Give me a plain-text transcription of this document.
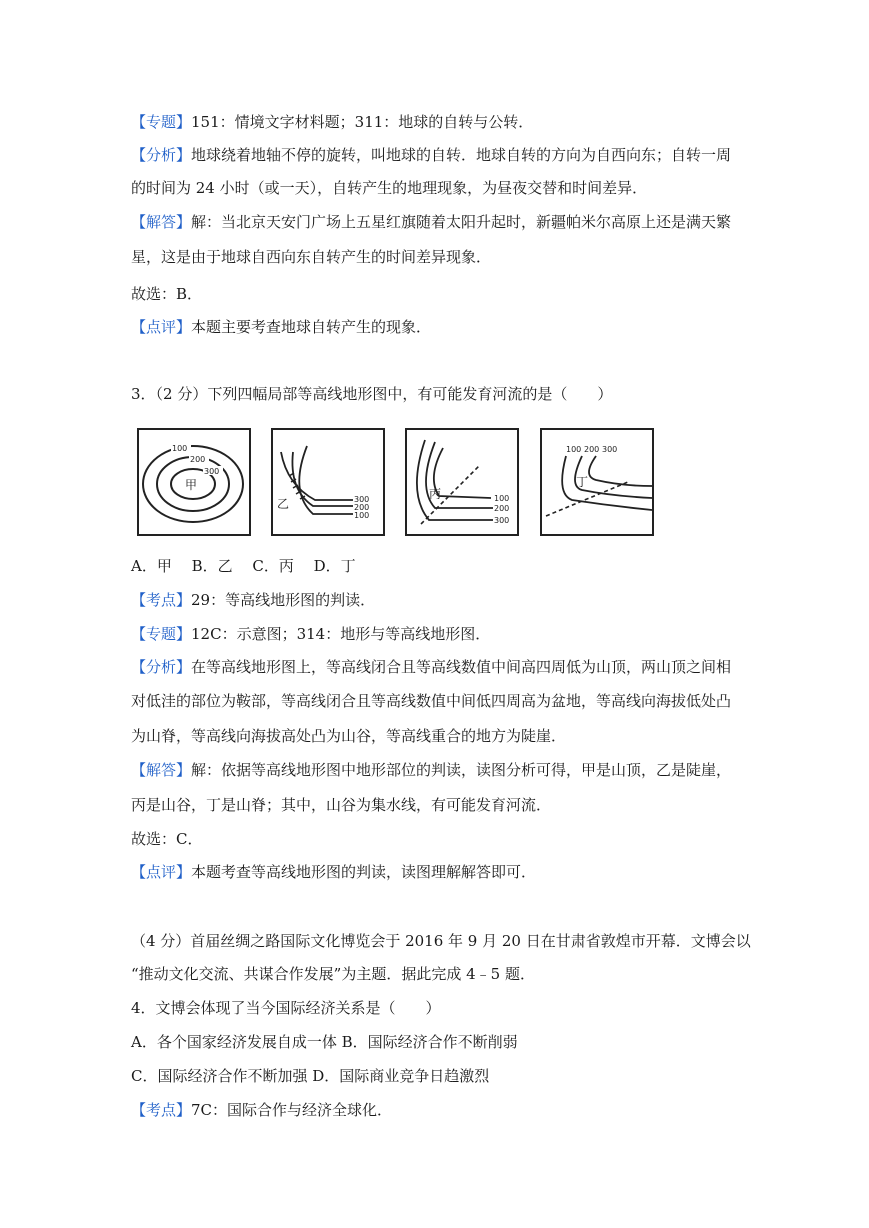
【专题】151：情境文字材料题；311：地球的自转与公转．
【分析】地球绕着地轴不停的旋转，叫地球的自转．地球自转的方向为自西向东；自转一周
的时间为 24 小时（或一天），自转产生的地理现象，为昼夜交替和时间差异．
【解答】解：当北京天安门广场上五星红旗随着太阳升起时，新疆帕米尔高原上还是满天繁
星，这是由于地球自西向东自转产生的时间差异现象．
故选：B．
【点评】本题主要考查地球自转产生的现象．
3．（2 分）下列四幅局部等高线地形图中，有可能发育河流的是（　　）
100
200
300
甲
300
200
100
乙	100
200
300
丙
100 200 300
丁
A．甲　 B．乙　 C．丙　 D．丁
【考点】29：等高线地形图的判读．
【专题】12C：示意图；314：地形与等高线地形图．
【分析】在等高线地形图上，等高线闭合且等高线数值中间高四周低为山顶，两山顶之间相
对低洼的部位为鞍部，等高线闭合且等高线数值中间低四周高为盆地，等高线向海拔低处凸
为山脊，等高线向海拔高处凸为山谷，等高线重合的地方为陡崖．
【解答】解：依据等高线地形图中地形部位的判读，读图分析可得，甲是山顶，乙是陡崖，
丙是山谷，丁是山脊；其中，山谷为集水线，有可能发育河流．
故选：C．
【点评】本题考查等高线地形图的判读，读图理解解答即可．
（4 分）首届丝绸之路国际文化博览会于 2016 年 9 月 20 日在甘肃省敦煌市开幕．文博会以
“推动文化交流、共谋合作发展”为主题．据此完成 4﹣5 题．
4．文博会体现了当今国际经济关系是（　　）
A．各个国家经济发展自成一体 B．国际经济合作不断削弱
C．国际经济合作不断加强 D．国际商业竞争日趋激烈
【考点】7C：国际合作与经济全球化．
